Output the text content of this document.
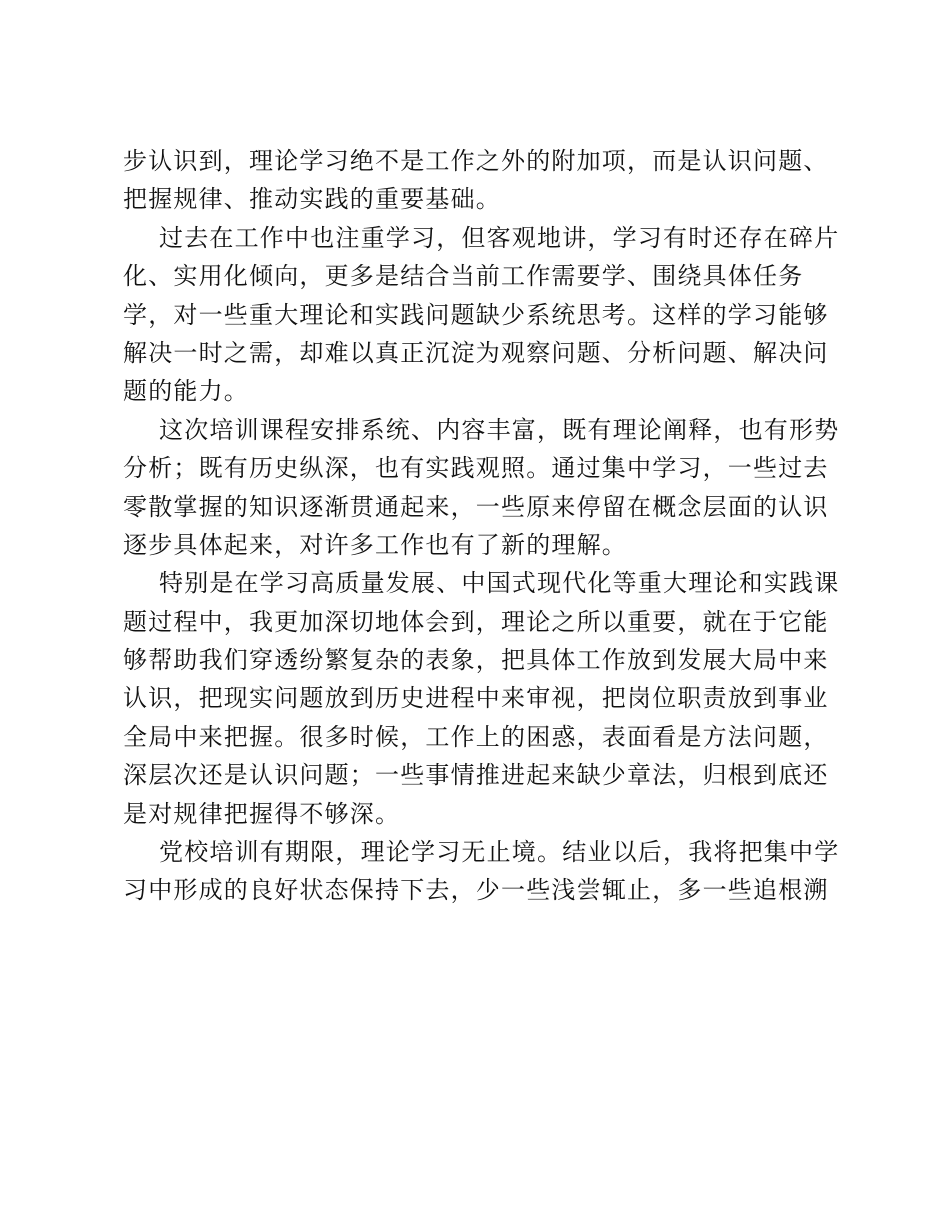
步认识到，理论学习绝不是工作之外的附加项，而是认识问题、
把握规律、推动实践的重要基础。
过去在工作中也注重学习，但客观地讲，学习有时还存在碎片
化、实用化倾向，更多是结合当前工作需要学、围绕具体任务
学，对一些重大理论和实践问题缺少系统思考。这样的学习能够
解决一时之需，却难以真正沉淀为观察问题、分析问题、解决问
题的能力。
这次培训课程安排系统、内容丰富，既有理论阐释，也有形势
分析；既有历史纵深，也有实践观照。通过集中学习，一些过去
零散掌握的知识逐渐贯通起来，一些原来停留在概念层面的认识
逐步具体起来，对许多工作也有了新的理解。
特别是在学习高质量发展、中国式现代化等重大理论和实践课
题过程中，我更加深切地体会到，理论之所以重要，就在于它能
够帮助我们穿透纷繁复杂的表象，把具体工作放到发展大局中来
认识，把现实问题放到历史进程中来审视，把岗位职责放到事业
全局中来把握。很多时候，工作上的困惑，表面看是方法问题，
深层次还是认识问题；一些事情推进起来缺少章法，归根到底还
是对规律把握得不够深。
党校培训有期限，理论学习无止境。结业以后，我将把集中学
习中形成的良好状态保持下去，少一些浅尝辄止，多一些追根溯
